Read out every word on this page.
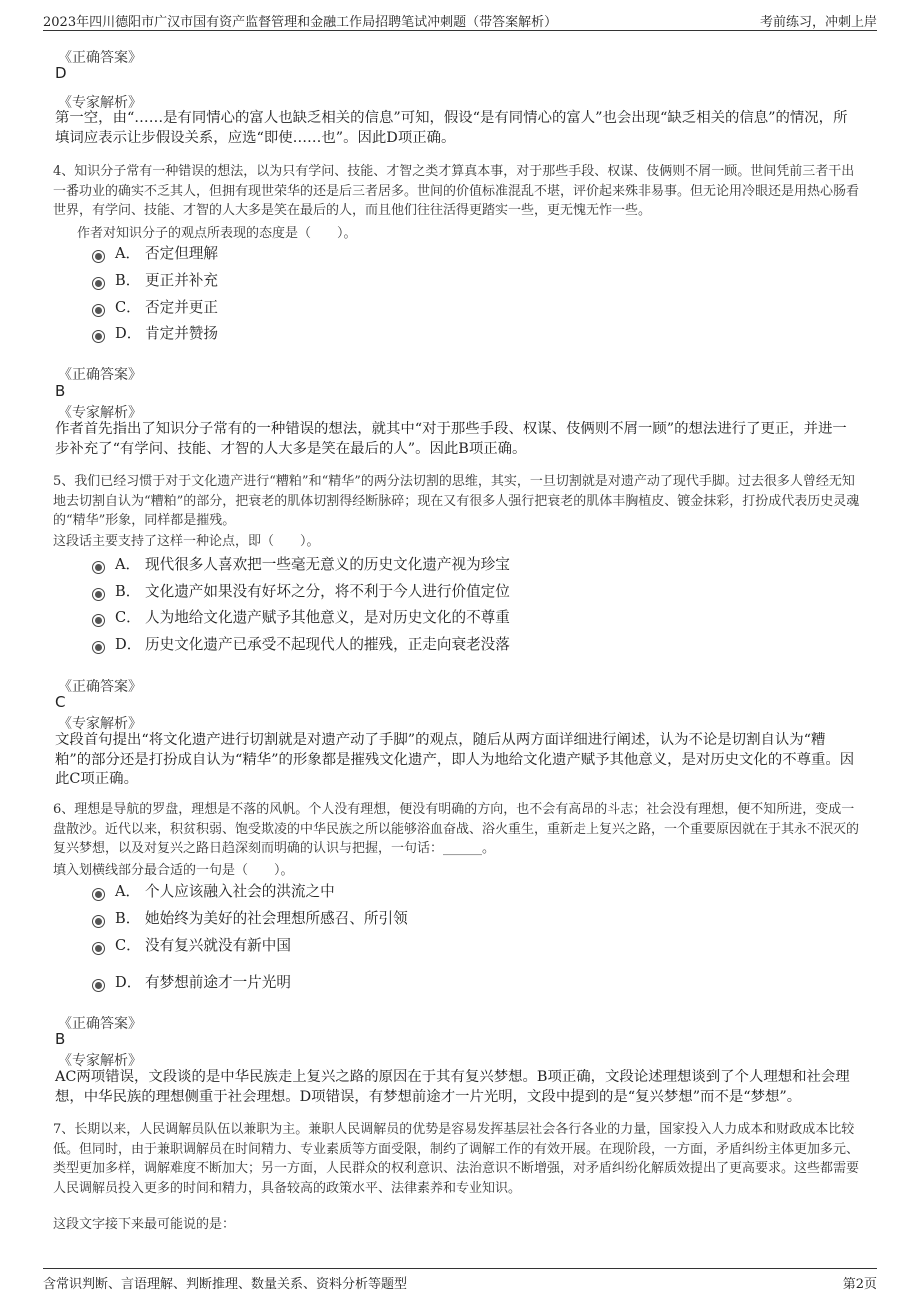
2023年四川德阳市广汉市国有资产监督管理和金融工作局招聘笔试冲刺题（带答案解析）	考前练习，冲刺上岸
《正确答案》
D
《专家解析》
第一空，由“……是有同情心的富人也缺乏相关的信息”可知，假设“是有同情心的富人”也会出现“缺乏相关的信息”的情况，所填词应表示让步假设关系，应选“即使……也”。因此D项正确。
4、知识分子常有一种错误的想法，以为只有学问、技能、才智之类才算真本事，对于那些手段、权谋、伎俩则不屑一顾。世间凭前三者干出一番功业的确实不乏其人，但拥有现世荣华的还是后三者居多。世间的价值标准混乱不堪，评价起来殊非易事。但无论用冷眼还是用热心肠看世界，有学问、技能、才智的人大多是笑在最后的人，而且他们往往活得更踏实一些，更无愧无怍一些。
作者对知识分子的观点所表现的态度是（　　）。
A． 否定但理解
B． 更正并补充
C． 否定并更正
D． 肯定并赞扬
《正确答案》
B
《专家解析》
作者首先指出了知识分子常有的一种错误的想法，就其中“对于那些手段、权谋、伎俩则不屑一顾”的想法进行了更正，并进一步补充了“有学问、技能、才智的人大多是笑在最后的人”。因此B项正确。
5、我们已经习惯于对于文化遗产进行“糟粕”和“精华”的两分法切割的思维，其实，一旦切割就是对遗产动了现代手脚。过去很多人曾经无知地去切割自认为“糟粕”的部分，把衰老的肌体切割得经断脉碎；现在又有很多人强行把衰老的肌体丰胸植皮、镀金抹彩，打扮成代表历史灵魂的“精华”形象，同样都是摧残。
这段话主要支持了这样一种论点，即（　　）。
A． 现代很多人喜欢把一些毫无意义的历史文化遗产视为珍宝
B． 文化遗产如果没有好坏之分，将不利于今人进行价值定位
C． 人为地给文化遗产赋予其他意义，是对历史文化的不尊重
D． 历史文化遗产已承受不起现代人的摧残，正走向衰老没落
《正确答案》
C
《专家解析》
文段首句提出“将文化遗产进行切割就是对遗产动了手脚”的观点，随后从两方面详细进行阐述，认为不论是切割自认为“糟粕”的部分还是打扮成自认为“精华”的形象都是摧残文化遗产，即人为地给文化遗产赋予其他意义，是对历史文化的不尊重。因此C项正确。
6、理想是导航的罗盘，理想是不落的风帆。个人没有理想，便没有明确的方向，也不会有高昂的斗志；社会没有理想，便不知所进，变成一盘散沙。近代以来，积贫积弱、饱受欺凌的中华民族之所以能够浴血奋战、浴火重生，重新走上复兴之路，一个重要原因就在于其永不泯灭的复兴梦想，以及对复兴之路日趋深刻而明确的认识与把握，一句话：______。
填入划横线部分最合适的一句是（　　）。
A． 个人应该融入社会的洪流之中
B． 她始终为美好的社会理想所感召、所引领
C． 没有复兴就没有新中国
D． 有梦想前途才一片光明
《正确答案》
B
《专家解析》
AC两项错误，文段谈的是中华民族走上复兴之路的原因在于其有复兴梦想。B项正确，文段论述理想谈到了个人理想和社会理想，中华民族的理想侧重于社会理想。D项错误，有梦想前途才一片光明，文段中提到的是“复兴梦想”而不是“梦想”。
7、长期以来，人民调解员队伍以兼职为主。兼职人民调解员的优势是容易发挥基层社会各行各业的力量，国家投入人力成本和财政成本比较低。但同时，由于兼职调解员在时间精力、专业素质等方面受限，制约了调解工作的有效开展。在现阶段，一方面，矛盾纠纷主体更加多元、类型更加多样，调解难度不断加大；另一方面，人民群众的权利意识、法治意识不断增强，对矛盾纠纷化解质效提出了更高要求。这些都需要人民调解员投入更多的时间和精力，具备较高的政策水平、法律素养和专业知识。
这段文字接下来最可能说的是：
含常识判断、言语理解、判断推理、数量关系、资料分析等题型	第2页
